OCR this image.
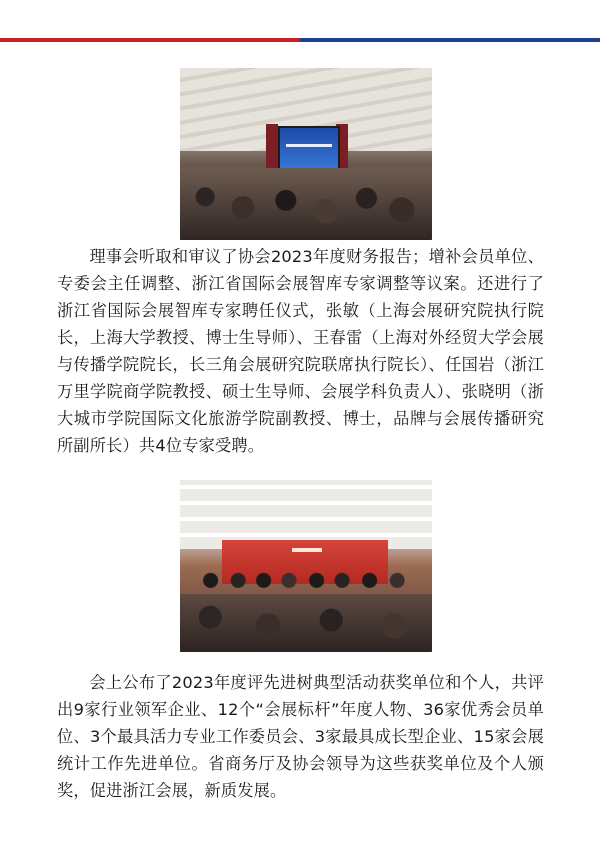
理事会听取和审议了协会2023年度财务报告；增补会员单位、专委会主任调整、浙江省国际会展智库专家调整等议案。还进行了浙江省国际会展智库专家聘任仪式，张敏（上海会展研究院执行院长，上海大学教授、博士生导师）、王春雷（上海对外经贸大学会展与传播学院院长，长三角会展研究院联席执行院长）、任国岩（浙江万里学院商学院教授、硕士生导师、会展学科负责人）、张晓明（浙大城市学院国际文化旅游学院副教授、博士，品牌与会展传播研究所副所长）共4位专家受聘。

会上公布了2023年度评先进树典型活动获奖单位和个人，共评出9家行业领军企业、12个“会展标杆”年度人物、36家优秀会员单位、3个最具活力专业工作委员会、3家最具成长型企业、15家会展统计工作先进单位。省商务厅及协会领导为这些获奖单位及个人颁奖，促进浙江会展，新质发展。
